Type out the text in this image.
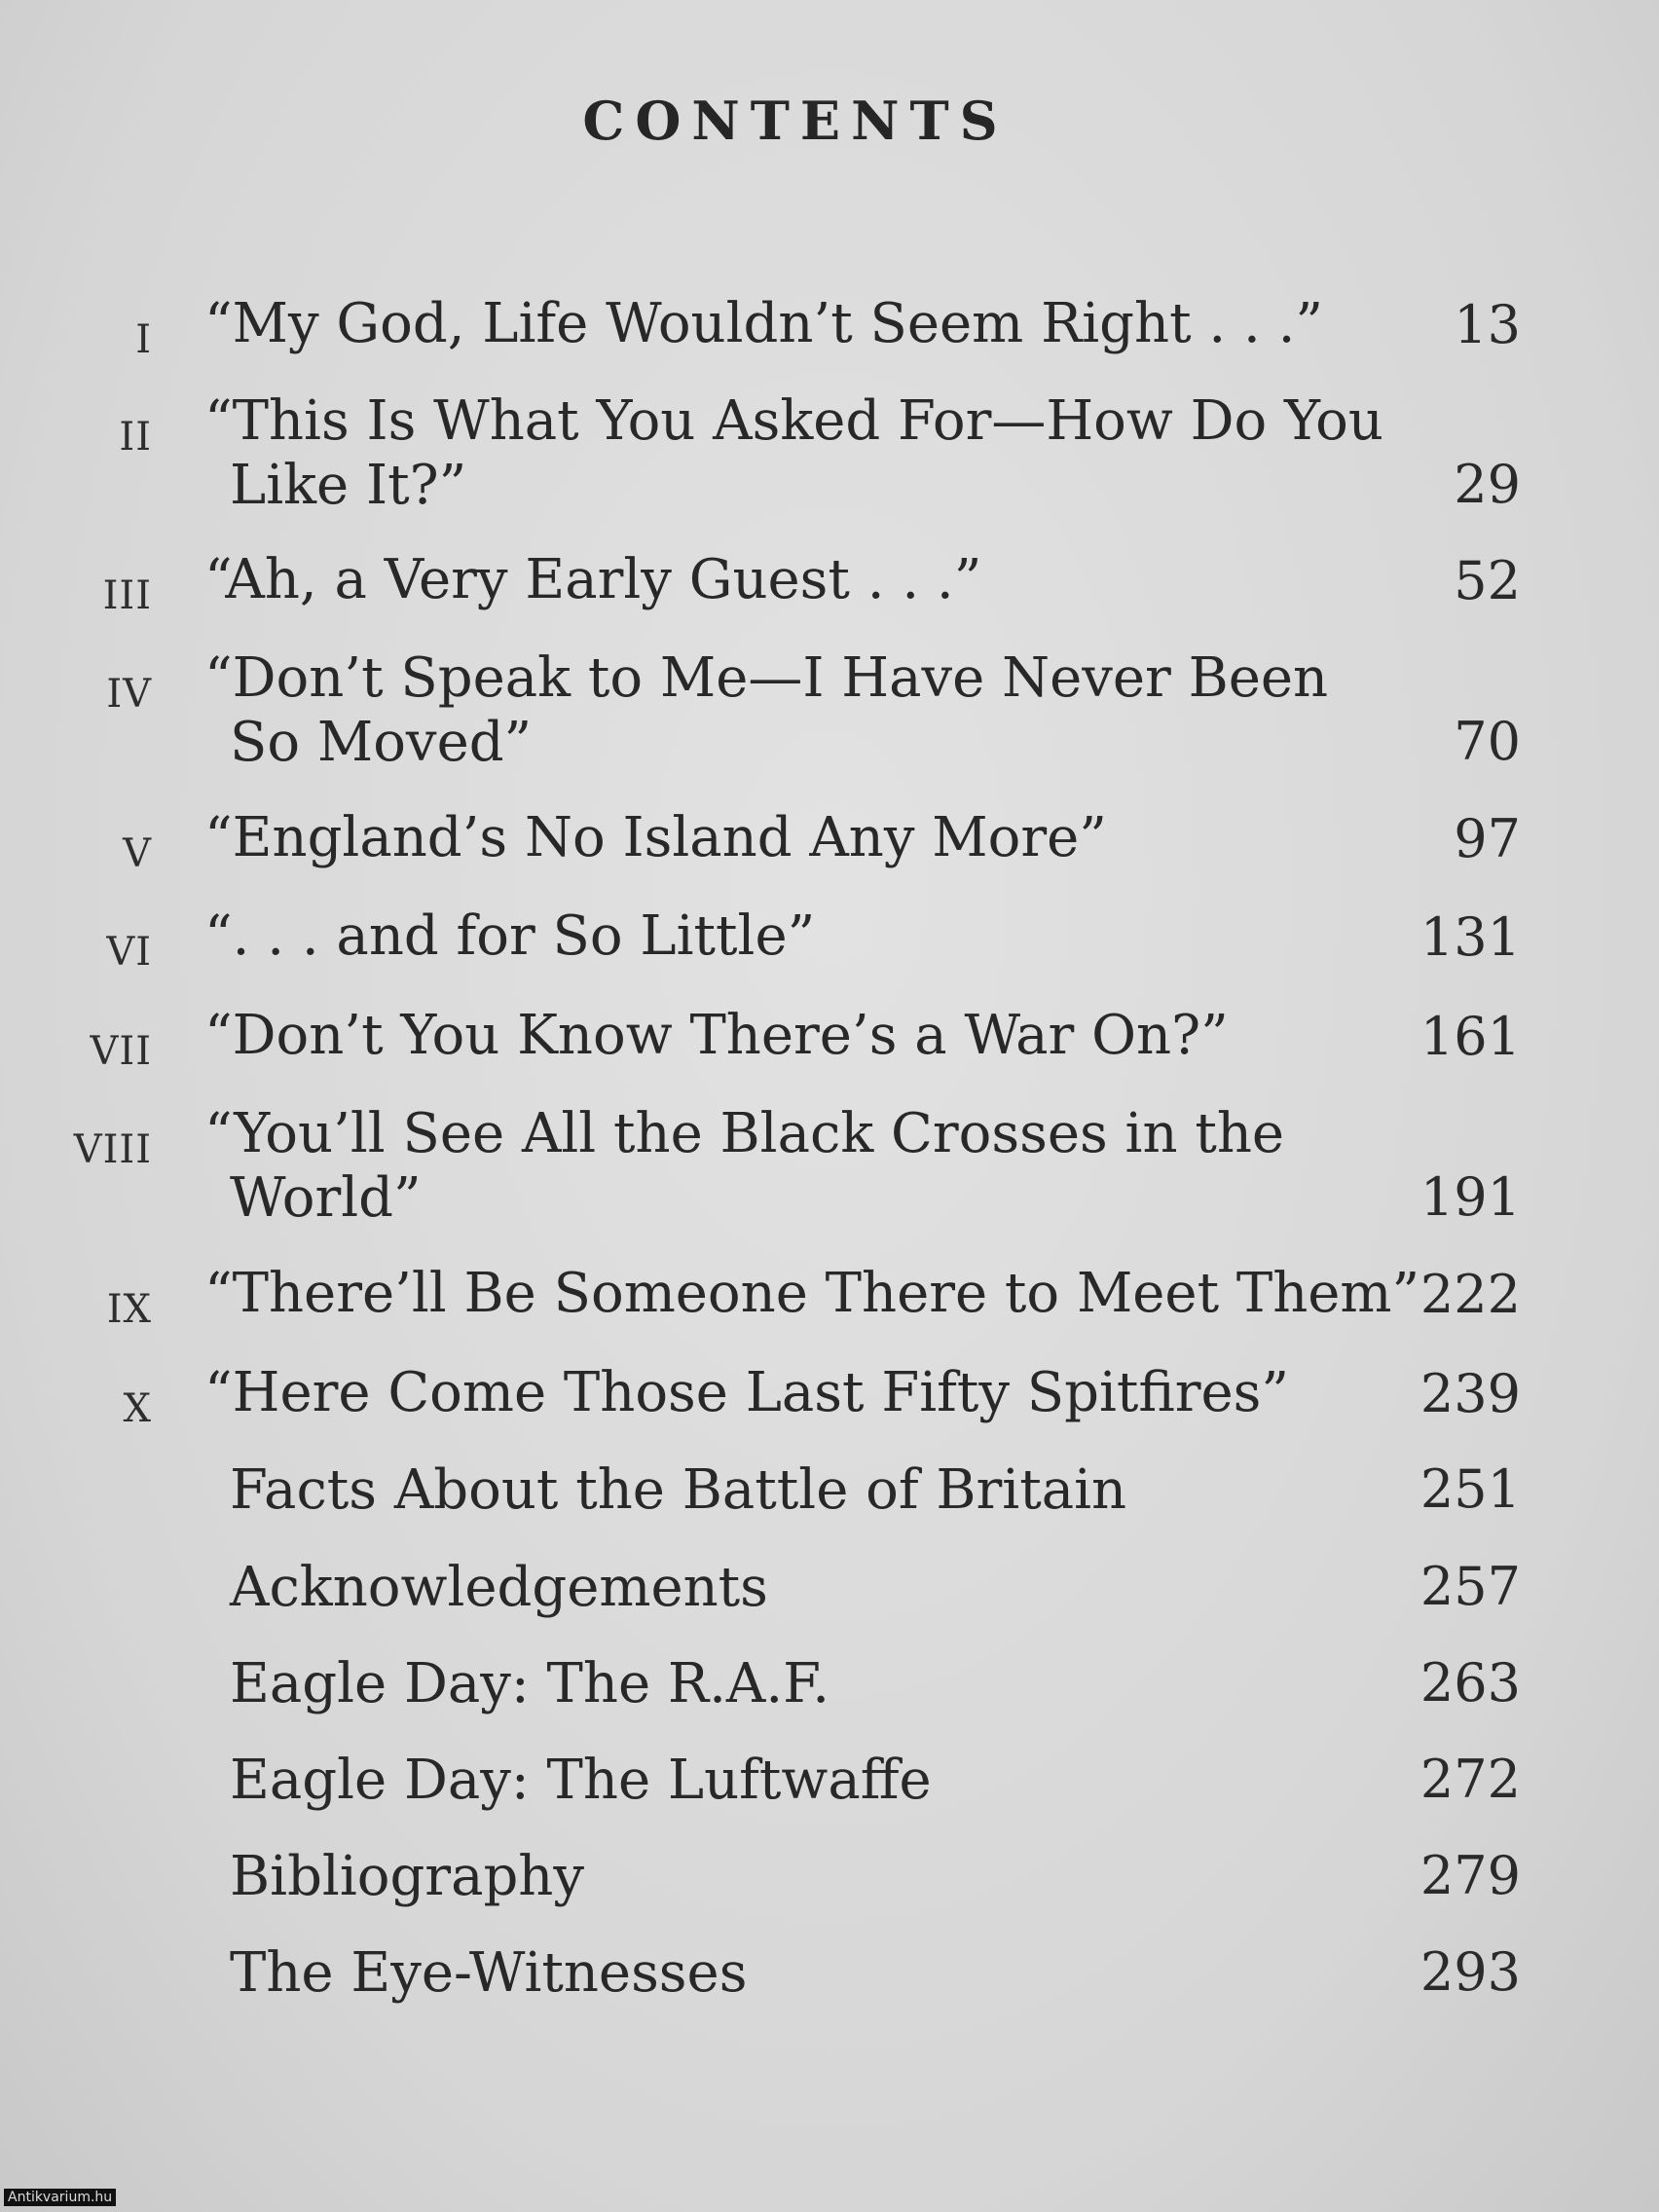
CONTENTS
I “My God, Life Wouldn’t Seem Right . . .” 13
II “This Is What You Asked For—How Do You
Like It?”	29
III “Ah, a Very Early Guest . . .”	52
IV “Don’t Speak to Me—I Have Never Been
So Moved”	70
V “England’s No Island Any More”	97
VI “. . . and for So Little”	131
VII “Don’t You Know There’s a War On?”	161
VIII “You’ll See All the Black Crosses in the
World”	191
IX “There’ll Be Someone There to Meet Them” 222
X “Here Come Those Last Fifty Spitfires” 239
Facts About the Battle of Britain	251
Acknowledgements	257
Eagle Day: The R.A.F.	263
Eagle Day: The Luftwaffe	272
Bibliography	279
The Eye-Witnesses	293
Antikvarium.hu
